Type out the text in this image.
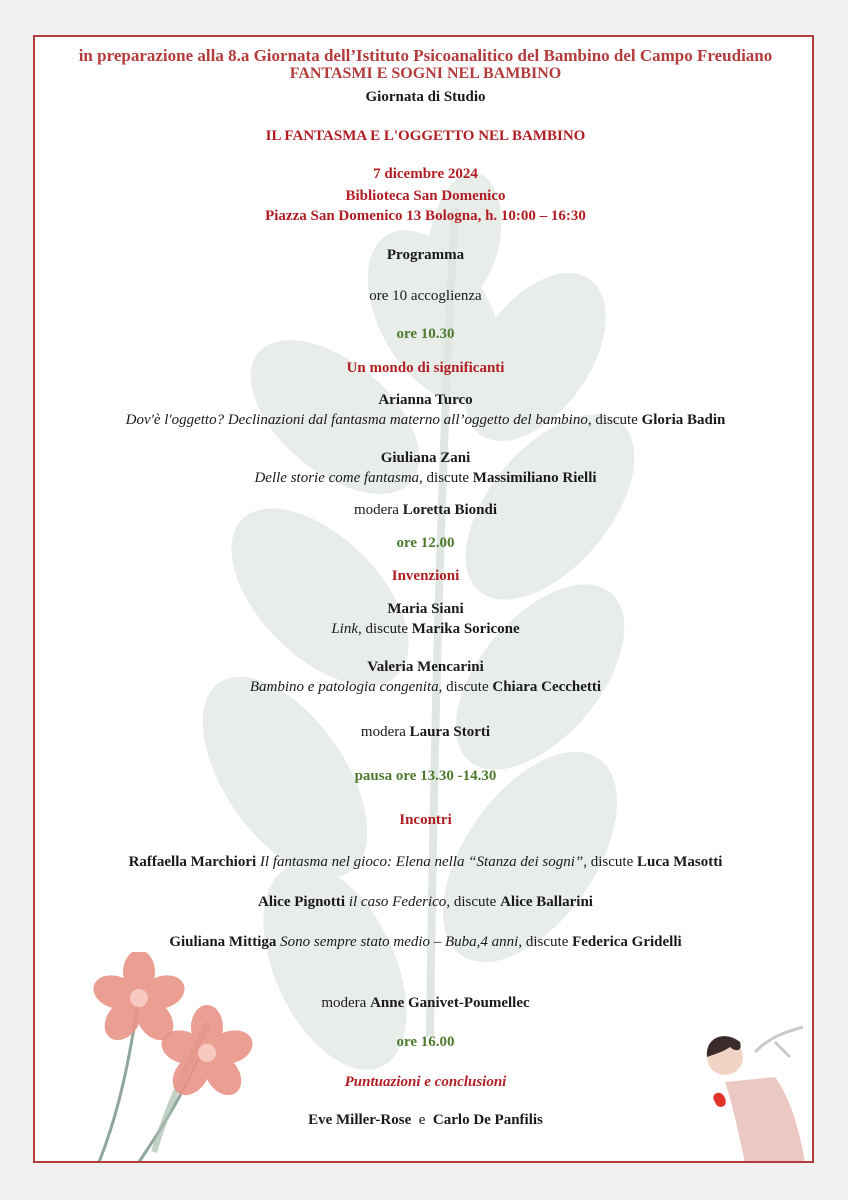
in preparazione alla 8.a Giornata dell’Istituto Psicoanalitico del Bambino del Campo Freudiano
FANTASMI E SOGNI NEL BAMBINO
Giornata di Studio
IL FANTASMA E L'OGGETTO NEL BAMBINO
7 dicembre 2024
Biblioteca San Domenico
Piazza San Domenico 13 Bologna, h. 10:00 – 16:30
Programma
ore 10 accoglienza
ore 10.30
Un mondo di significanti
Arianna Turco
Dov'è l'oggetto? Declinazioni dal fantasma materno all’oggetto del bambino, discute Gloria Badin
Giuliana Zani
Delle storie come fantasma, discute Massimiliano Rielli
modera Loretta Biondi
ore 12.00
Invenzioni
Maria Siani
Link, discute Marika Soricone
Valeria Mencarini
Bambino e patologia congenita, discute Chiara Cecchetti
modera Laura Storti
pausa ore 13.30 -14.30
Incontri
Raffaella Marchiori Il fantasma nel gioco: Elena nella “Stanza dei sogni”, discute Luca Masotti
Alice Pignotti il caso Federico, discute Alice Ballarini
Giuliana Mittiga Sono sempre stato medio – Buba,4 anni, discute Federica Gridelli
modera Anne Ganivet-Poumellec
ore 16.00
Puntuazioni e conclusioni
Eve Miller-Rose e Carlo De Panfilis
